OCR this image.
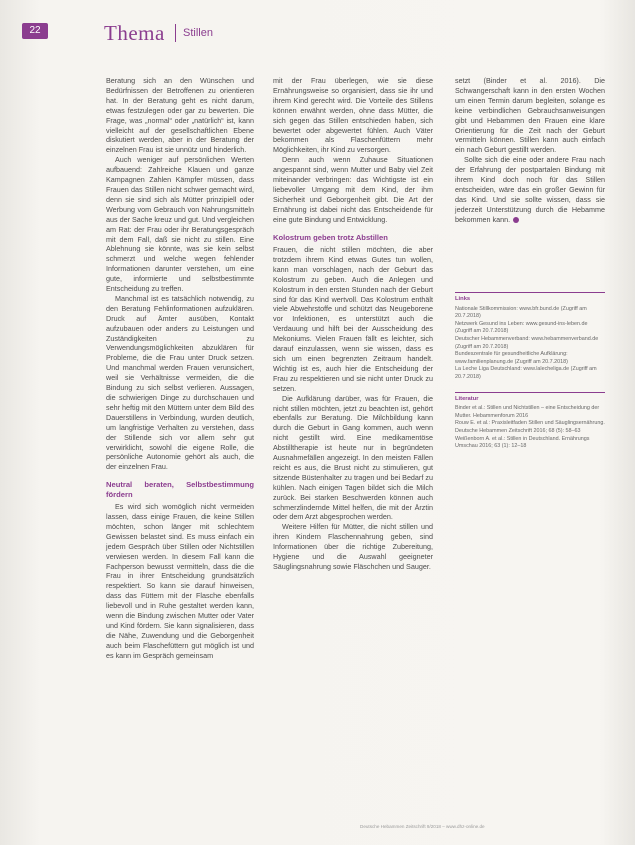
22	Thema Stillen

Beratung sich an den Wünschen und Bedürfnissen der Betroffenen zu orientieren hat. In der Beratung geht es nicht darum, etwas festzulegen oder gar zu bewerten. Die Frage, was „normal“ oder „natürlich“ ist, kann vielleicht auf der gesellschaftlichen Ebene diskutiert werden, aber in der Beratung der einzelnen Frau ist sie unnütz und hinderlich.

Auch weniger auf persönlichen Werten aufbauend: Zahlreiche Klauen und ganze Kampagnen Zahlen Kämpfer müssen, dass Frauen das Stillen nicht schwer gemacht wird, denn sie sind sich als Mütter prinzipiell oder Werbung vom Gebrauch von Nahrungsmitteln aus der Sache kreuz und gut. Und vergleichen am Rat: der Frau oder ihr Beratungsgespräch mit dem Fall, daß sie nicht zu stillen. Eine Ablehnung sie könnte, was sie kein selbst schmerzt und welche wegen fehlender Informationen darunter verstehen, um eine gute, informierte und selbstbestimmte Entscheidung zu treffen.

Manchmal ist es tatsächlich notwendig, zu den Beratung Fehlinformationen aufzuklären. Druck auf Ämter ausüben, Kontakt aufzubauen oder anders zu Leistungen und Zuständigkeiten zu Verwendungsmöglichkeiten abzuklären für Probleme, die die Frau unter Druck setzen. Und manchmal werden Frauen verunsichert, weil sie Verhältnisse vermeiden, die die Bindung zu sich selbst verlieren. Aussagen, die schwierigen Dinge zu durchschauen und sehr heftig mit den Müttern unter dem Bild des Dauerstillens in Verbindung, wurden deutlich, um langfristige Verhalten zu verstehen, dass der Stillende sich vor allem sehr gut verwirklicht, sowohl die eigene Rolle, die persönliche Autonomie gehört als auch, die der einzelnen Frau.

Neutral beraten, Selbstbestimmung fördern

Es wird sich womöglich nicht vermeiden lassen, dass einige Frauen, die keine Stillen möchten, schon länger mit schlechtem Gewissen belastet sind. Es muss einfach ein jedem Gespräch über Stillen oder Nichtstillen verwiesen werden. In diesem Fall kann die Fachperson bewusst vermitteln, dass die die Frau in ihrer Entscheidung grundsätzlich respektiert. So kann sie darauf hinweisen, dass das Füttern mit der Flasche ebenfalls liebevoll und in Ruhe gestaltet werden kann, wenn die Bindung zwischen Mutter oder Vater und Kind fördern. Sie kann signalisieren, dass die Nähe, Zuwendung und die Geborgenheit auch beim Flaschefüttern gut möglich ist und es kann im Gespräch gemeinsam

mit der Frau überlegen, wie sie diese Ernährungsweise so organisiert, dass sie ihr und ihrem Kind gerecht wird. Die Vorteile des Stillens können erwähnt werden, ohne dass Mütter, die sich gegen das Stillen entschieden haben, sich bewertet oder abgewertet fühlen. Auch Väter bekommen als Flaschenfüttern mehr Möglichkeiten, ihr Kind zu versorgen.

Denn auch wenn Zuhause Situationen angespannt sind, wenn Mutter und Baby viel Zeit miteinander verbringen: das Wichtigste ist ein liebevoller Umgang mit dem Kind, der ihm Sicherheit und Geborgenheit gibt. Die Art der Ernährung ist dabei nicht das Entscheidende für eine gute Bindung und Entwicklung.

Kolostrum geben trotz Abstillen

Frauen, die nicht stillen möchten, die aber trotzdem ihrem Kind etwas Gutes tun wollen, kann man vorschlagen, nach der Geburt das Kolostrum zu geben. Auch die Anlegen und Kolostrum in den ersten Stunden nach der Geburt sind für das Kind wertvoll. Das Kolostrum enthält viele Abwehrstoffe und schützt das Neugeborene vor Infektionen, es unterstützt auch die Verdauung und hilft bei der Ausscheidung des Mekoniums. Vielen Frauen fällt es leichter, sich darauf einzulassen, wenn sie wissen, dass es sich um einen begrenzten Zeitraum handelt. Wichtig ist es, auch hier die Entscheidung der Frau zu respektieren und sie nicht unter Druck zu setzen.

Die Aufklärung darüber, was für Frauen, die nicht stillen möchten, jetzt zu beachten ist, gehört ebenfalls zur Beratung. Die Milchbildung kann durch die Geburt in Gang kommen, auch wenn nicht gestillt wird. Eine medikamentöse Abstilltherapie ist heute nur in begründeten Ausnahmefällen angezeigt. In den meisten Fällen reicht es aus, die Brust nicht zu stimulieren, gut sitzende Büstenhalter zu tragen und bei Bedarf zu kühlen. Nach einigen Tagen bildet sich die Milch zurück. Bei starken Beschwerden können auch schmerzlindernde Mittel helfen, die mit der Ärztin oder dem Arzt abgesprochen werden.

Weitere Hilfen für Mütter, die nicht stillen und ihren Kindern Flaschennahrung geben, sind Informationen über die richtige Zubereitung, Hygiene und die Auswahl geeigneter Säuglingsnahrung sowie Fläschchen und Sauger.

setzt (Binder et al. 2016). Die Schwangerschaft kann in den ersten Wochen um einen Termin darum begleiten, solange es keine verbindlichen Gebrauchsanweisungen gibt und Hebammen den Frauen eine klare Orientierung für die Zeit nach der Geburt vermitteln können. Stillen kann auch einfach ein nach Geburt gestillt werden.

Sollte sich die eine oder andere Frau nach der Erfahrung der postpartalen Bindung mit ihrem Kind doch noch für das Stillen entscheiden, wäre das ein großer Gewinn für das Kind. Und sie sollte wissen, dass sie jederzeit Unterstützung durch die Hebamme bekommen kann.

Links

Nationale Stillkommission: www.bfr.bund.de (Zugriff am 20.7.2018)

Netzwerk Gesund ins Leben: www.gesund-ins-leben.de (Zugriff am 20.7.2018)

Deutscher Hebammenverband: www.hebammenverband.de (Zugriff am 20.7.2018)

Bundeszentrale für gesundheitliche Aufklärung: www.familienplanung.de (Zugriff am 20.7.2018)

La Leche Liga Deutschland: www.lalecheliga.de (Zugriff am 20.7.2018)

Literatur

Binder et al.: Stillen und Nichtstillen – eine Entscheidung der Mutter. Hebammenforum 2016

Rouw E. et al.: Praxisleitfaden Stillen und Säuglingsernährung. Deutsche Hebammen Zeitschrift 2016; 68 (5): 58–63

Weißenborn A. et al.: Stillen in Deutschland. Ernährungs Umschau 2016; 63 (1): 12–18

Deutsche Hebammen Zeitschrift 9/2018 – www.dhz-online.de
